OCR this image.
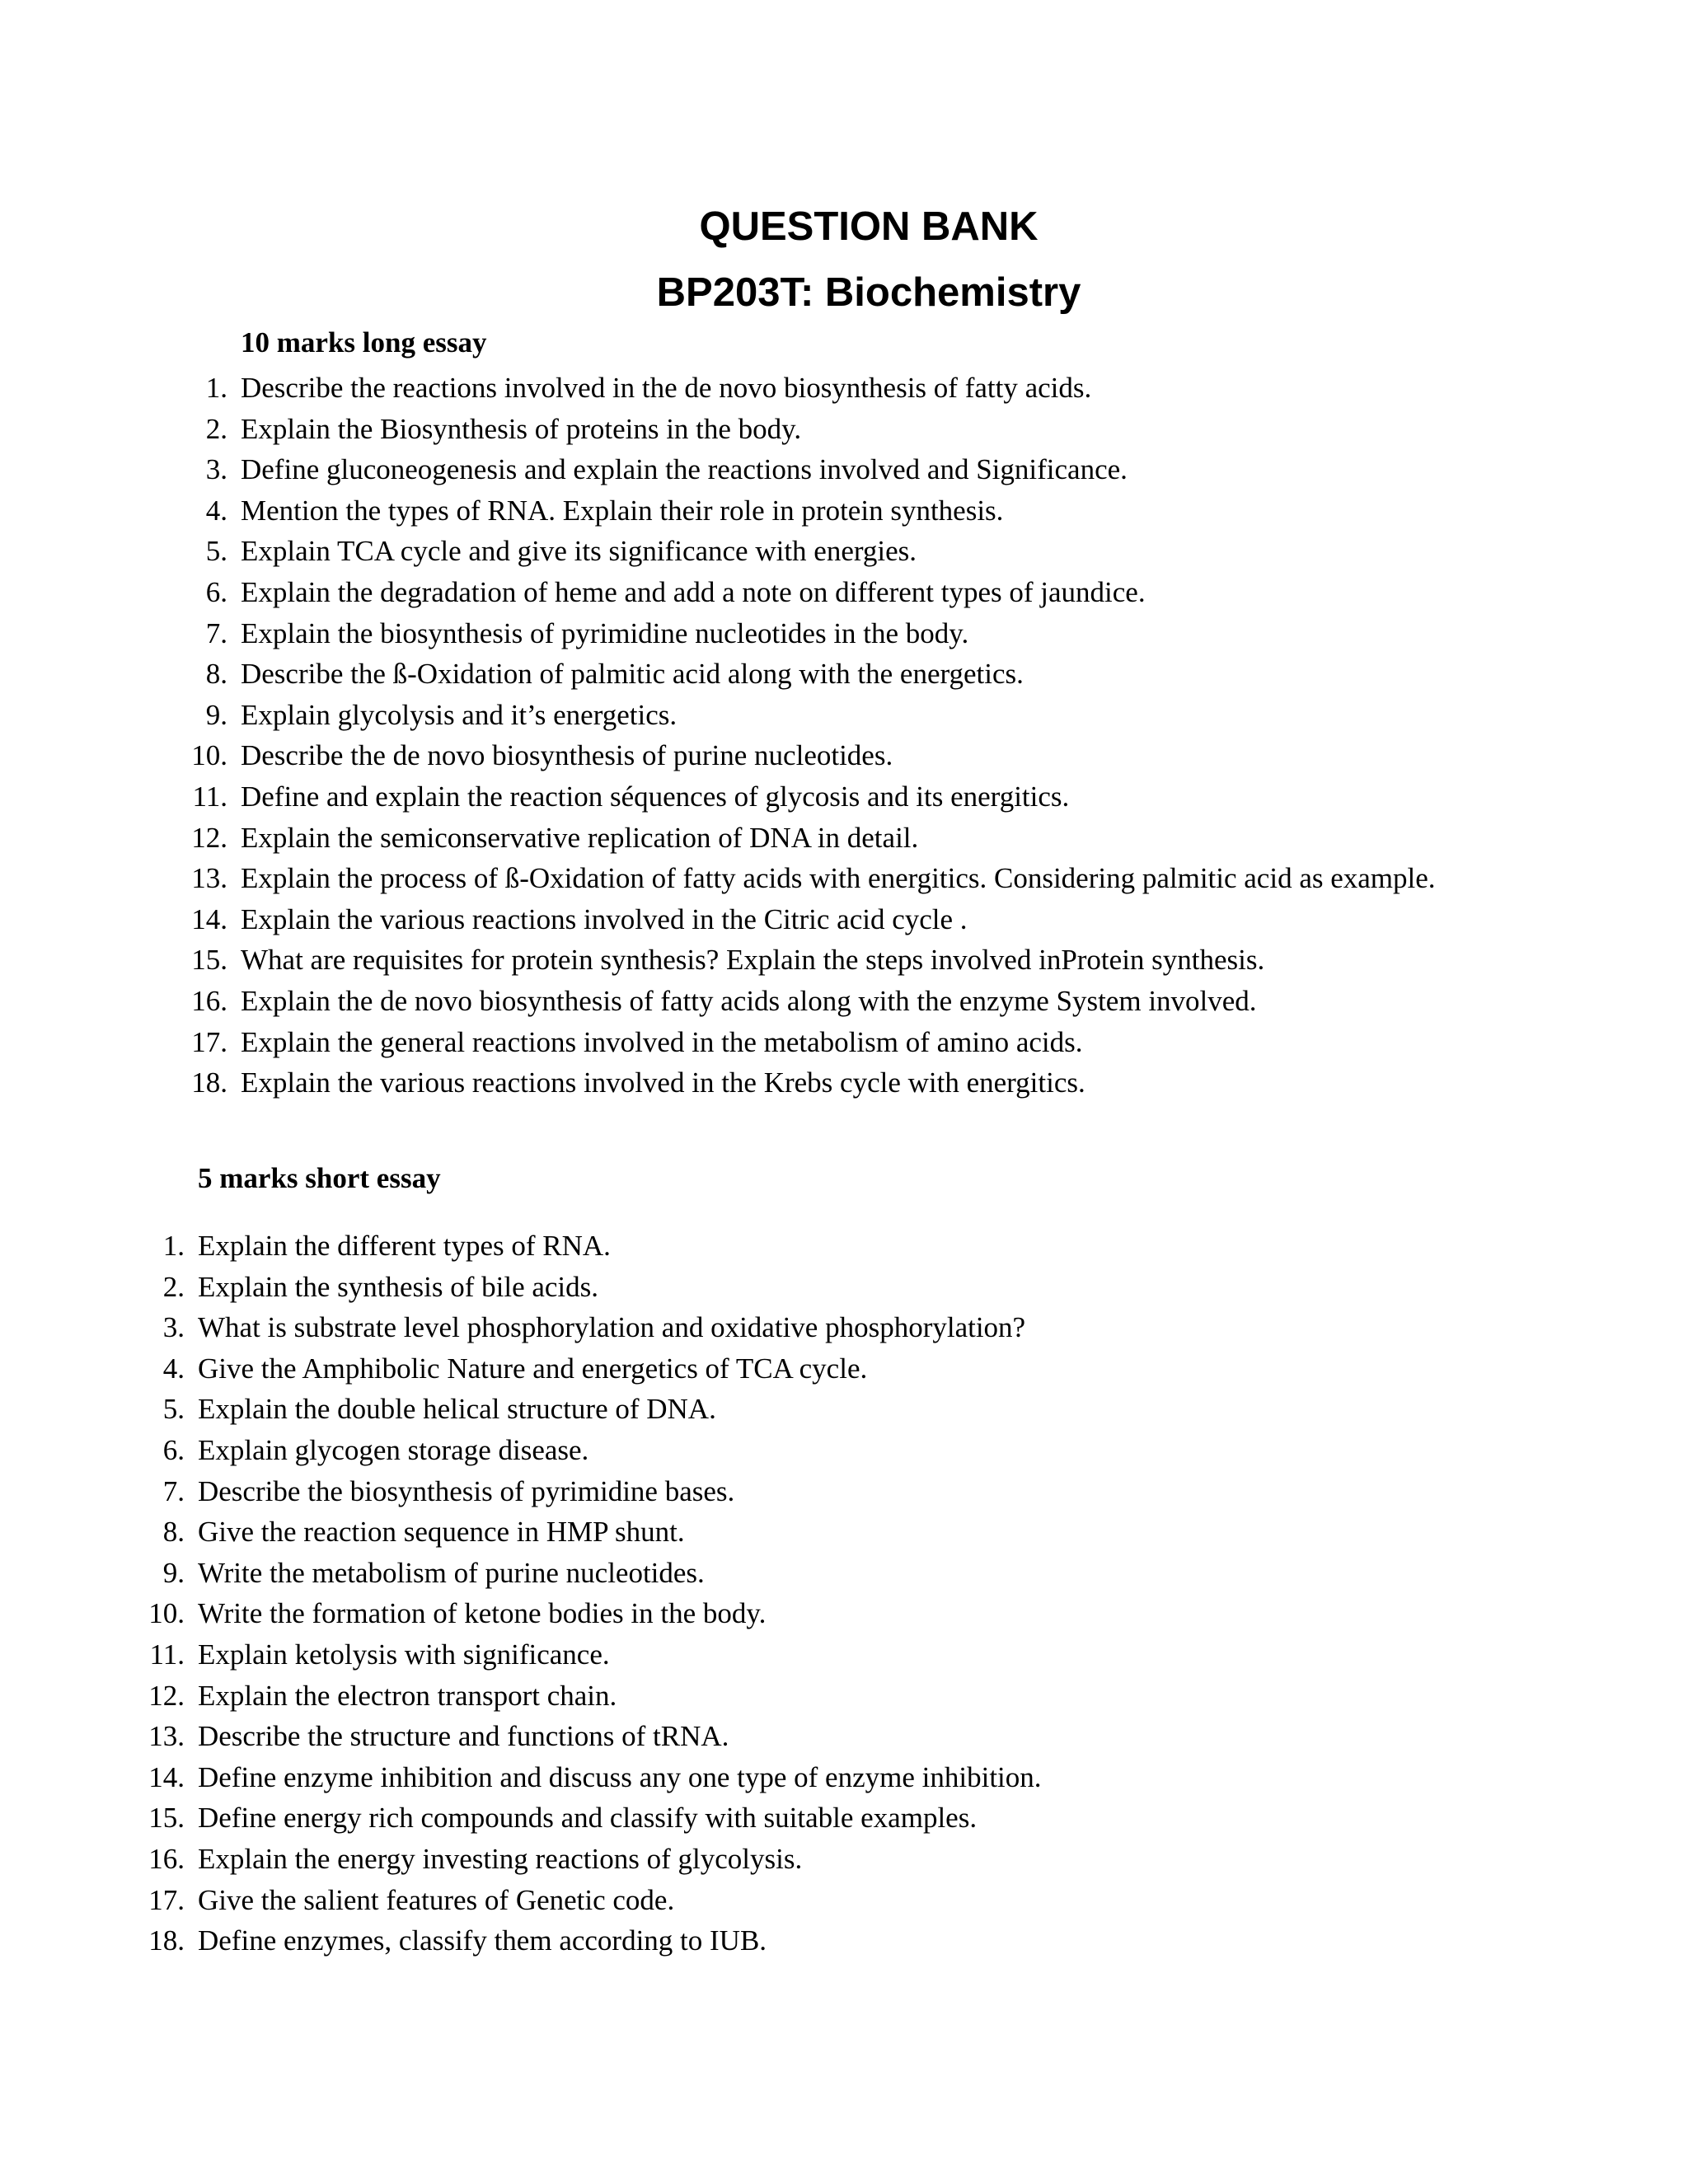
QUESTION BANK
BP203T: Biochemistry
10 marks long essay
1. Describe the reactions involved in the de novo biosynthesis of fatty acids.
2. Explain the Biosynthesis of proteins in the body.
3. Define gluconeogenesis and explain the reactions involved and Significance.
4. Mention the types of RNA. Explain their role in protein synthesis.
5. Explain TCA cycle and give its significance with energies.
6. Explain the degradation of heme and add a note on different types of jaundice.
7. Explain the biosynthesis of pyrimidine nucleotides in the body.
8. Describe the ß-Oxidation of palmitic acid along with the energetics.
9. Explain glycolysis and it’s energetics.
10. Describe the de novo biosynthesis of purine nucleotides.
11. Define and explain the reaction séquences of glycosis and its energitics.
12. Explain the semiconservative replication of DNA in detail.
13. Explain the process of ß-Oxidation of fatty acids with energitics. Considering palmitic acid as example.
14. Explain the various reactions involved in the Citric acid cycle .
15. What are requisites for protein synthesis? Explain the steps involved inProtein synthesis.
16. Explain the de novo biosynthesis of fatty acids along with the enzyme System involved.
17. Explain the general reactions involved in the metabolism of amino acids.
18. Explain the various reactions involved in the Krebs cycle with energitics.
5 marks short essay
1. Explain the different types of RNA.
2. Explain the synthesis of bile acids.
3. What is substrate level phosphorylation and oxidative phosphorylation?
4. Give the Amphibolic Nature and energetics of TCA cycle.
5. Explain the double helical structure of DNA.
6. Explain glycogen storage disease.
7. Describe the biosynthesis of pyrimidine bases.
8. Give the reaction sequence in HMP shunt.
9. Write the metabolism of purine nucleotides.
10. Write the formation of ketone bodies in the body.
11. Explain ketolysis with significance.
12. Explain the electron transport chain.
13. Describe the structure and functions of tRNA.
14. Define enzyme inhibition and discuss any one type of enzyme inhibition.
15. Define energy rich compounds and classify with suitable examples.
16. Explain the energy investing reactions of glycolysis.
17. Give the salient features of Genetic code.
18. Define enzymes, classify them according to IUB.
